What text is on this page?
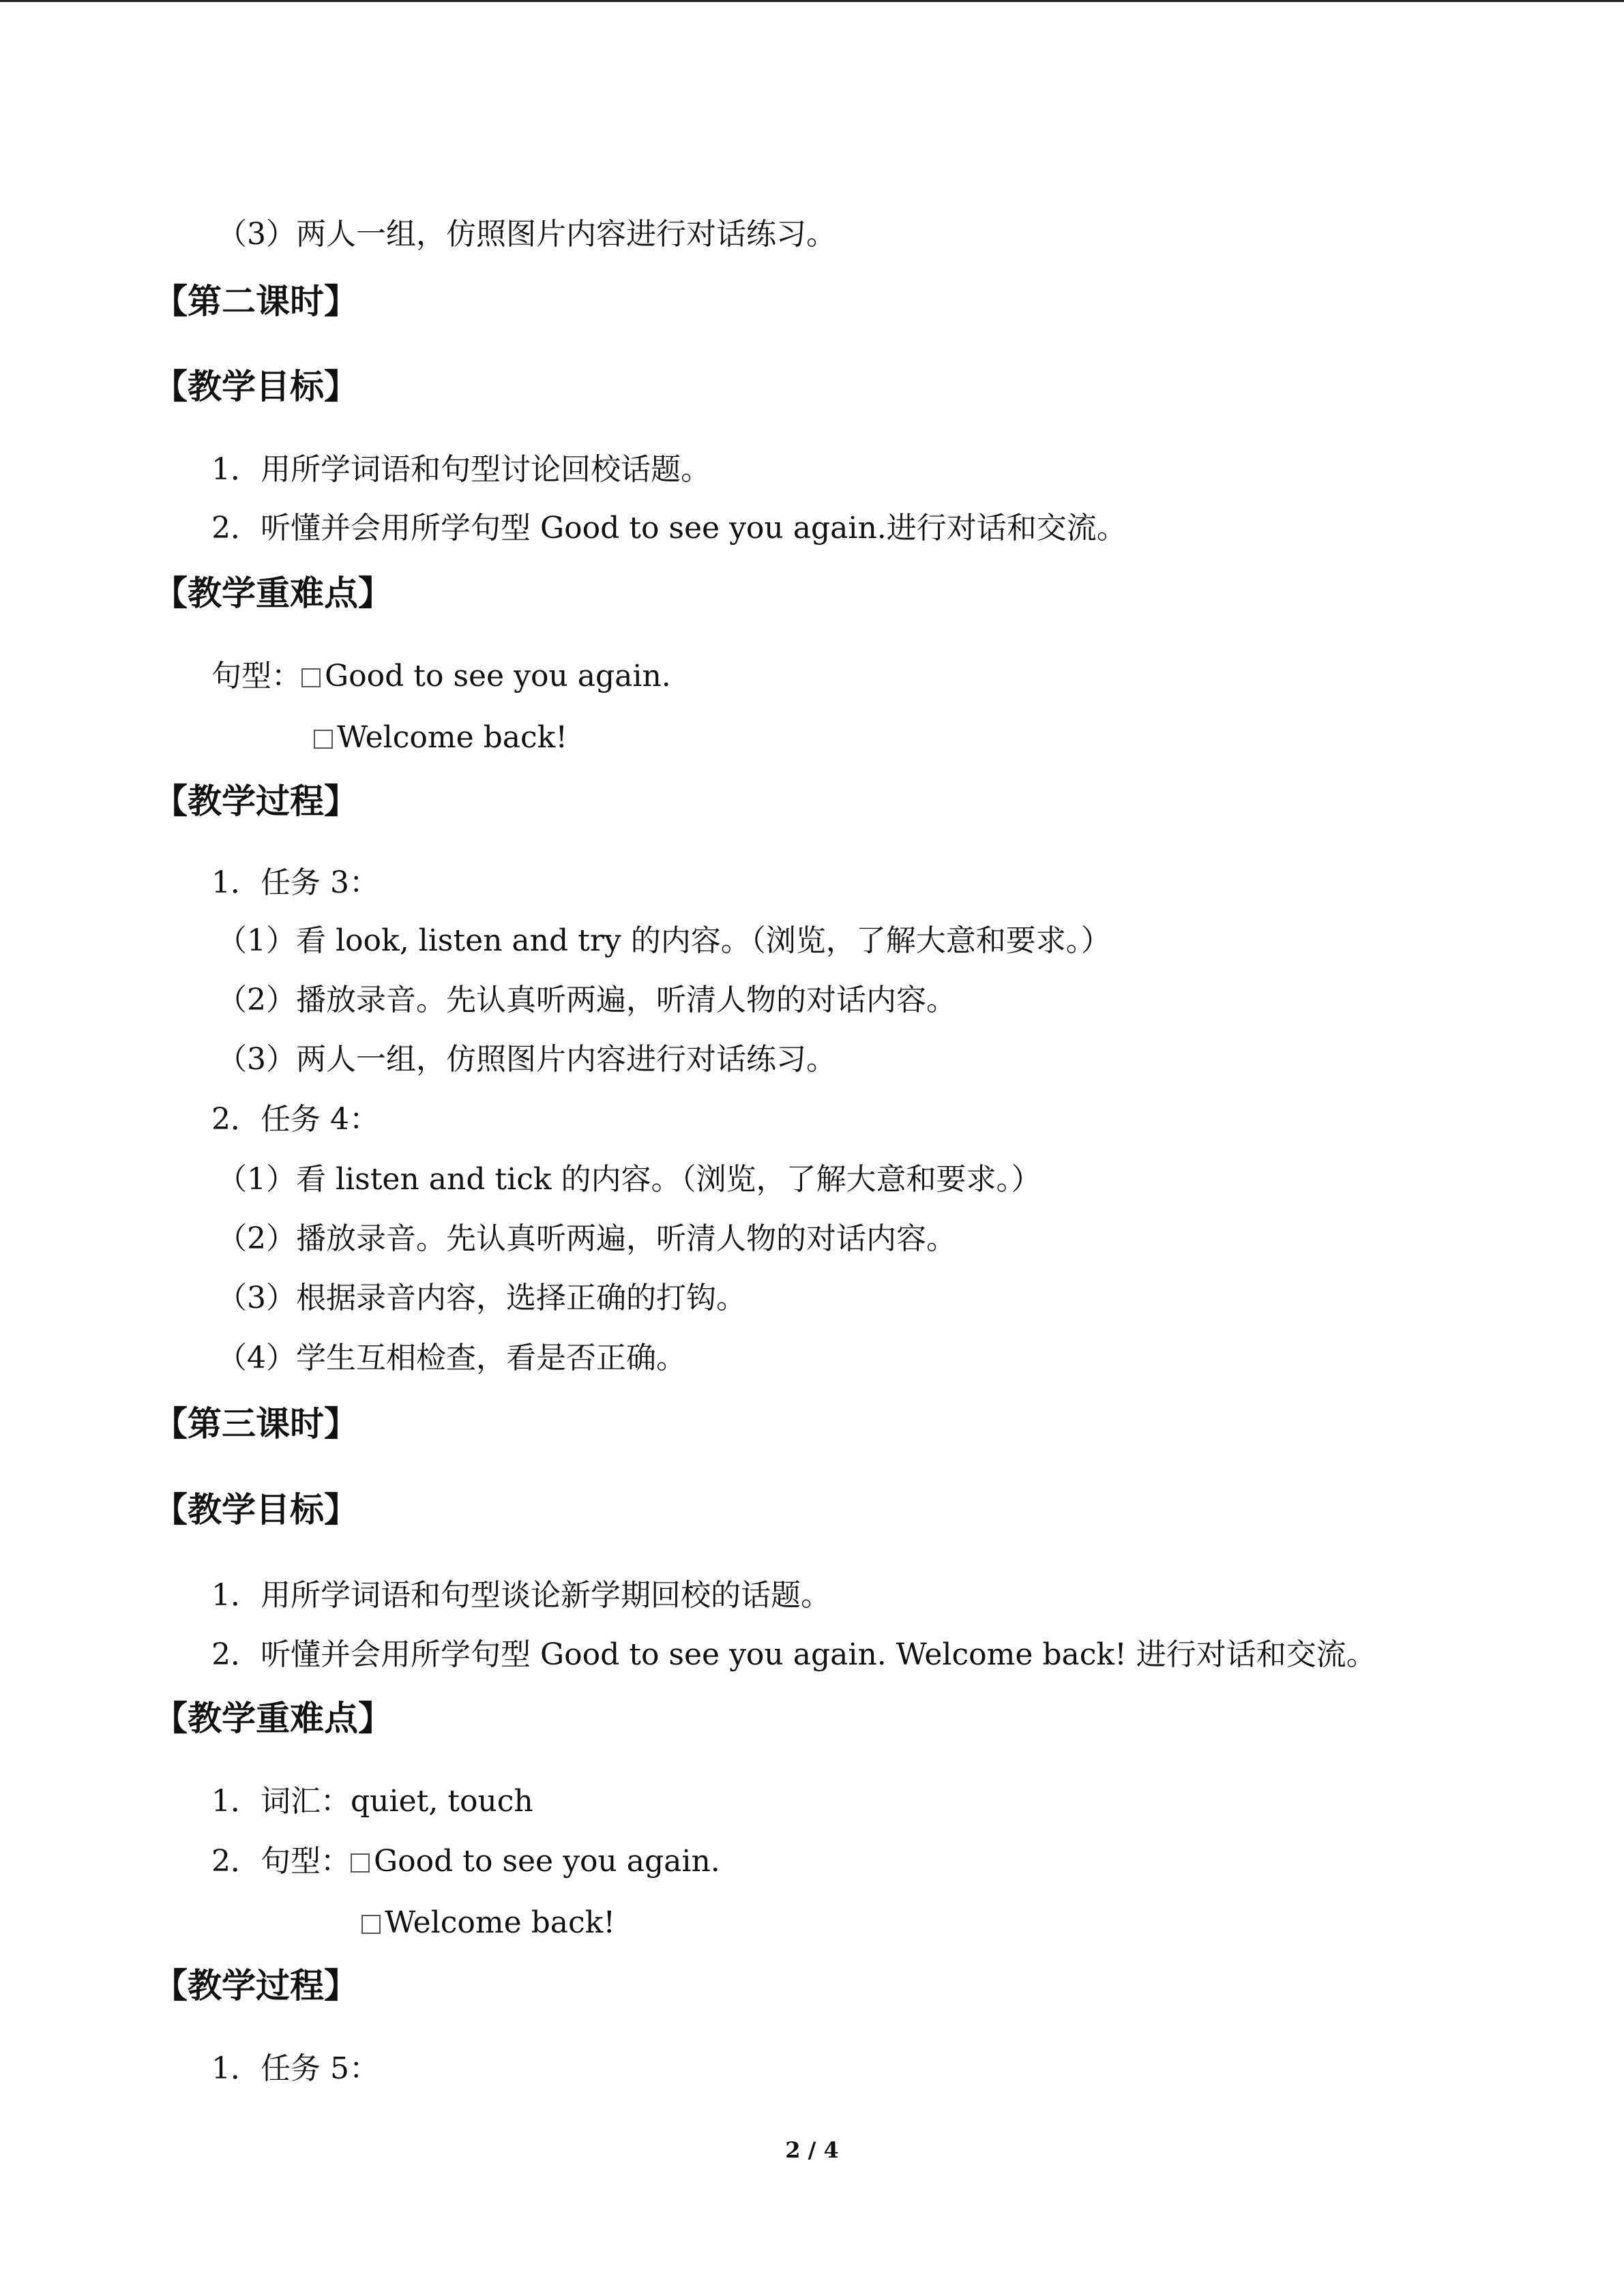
（3）两人一组，仿照图片内容进行对话练习。
【第二课时】
【教学目标】
1．用所学词语和句型讨论回校话题。
2．听懂并会用所学句型 Good to see you again.进行对话和交流。
【教学重难点】
句型： Good to see you again.
Welcome back!
【教学过程】
1．任务 3：
（1）看 look, listen and try 的内容。（浏览，了解大意和要求。）
（2）播放录音。先认真听两遍，听清人物的对话内容。
（3）两人一组，仿照图片内容进行对话练习。
2．任务 4：
（1）看 listen and tick 的内容。（浏览，了解大意和要求。）
（2）播放录音。先认真听两遍，听清人物的对话内容。
（3）根据录音内容，选择正确的打钩。
（4）学生互相检查，看是否正确。
【第三课时】
【教学目标】
1．用所学词语和句型谈论新学期回校的话题。
2．听懂并会用所学句型 Good to see you again. Welcome back! 进行对话和交流。
【教学重难点】
1．词汇：quiet, touch
2．句型： Good to see you again.
Welcome back!
【教学过程】
1．任务 5：
2 / 4
